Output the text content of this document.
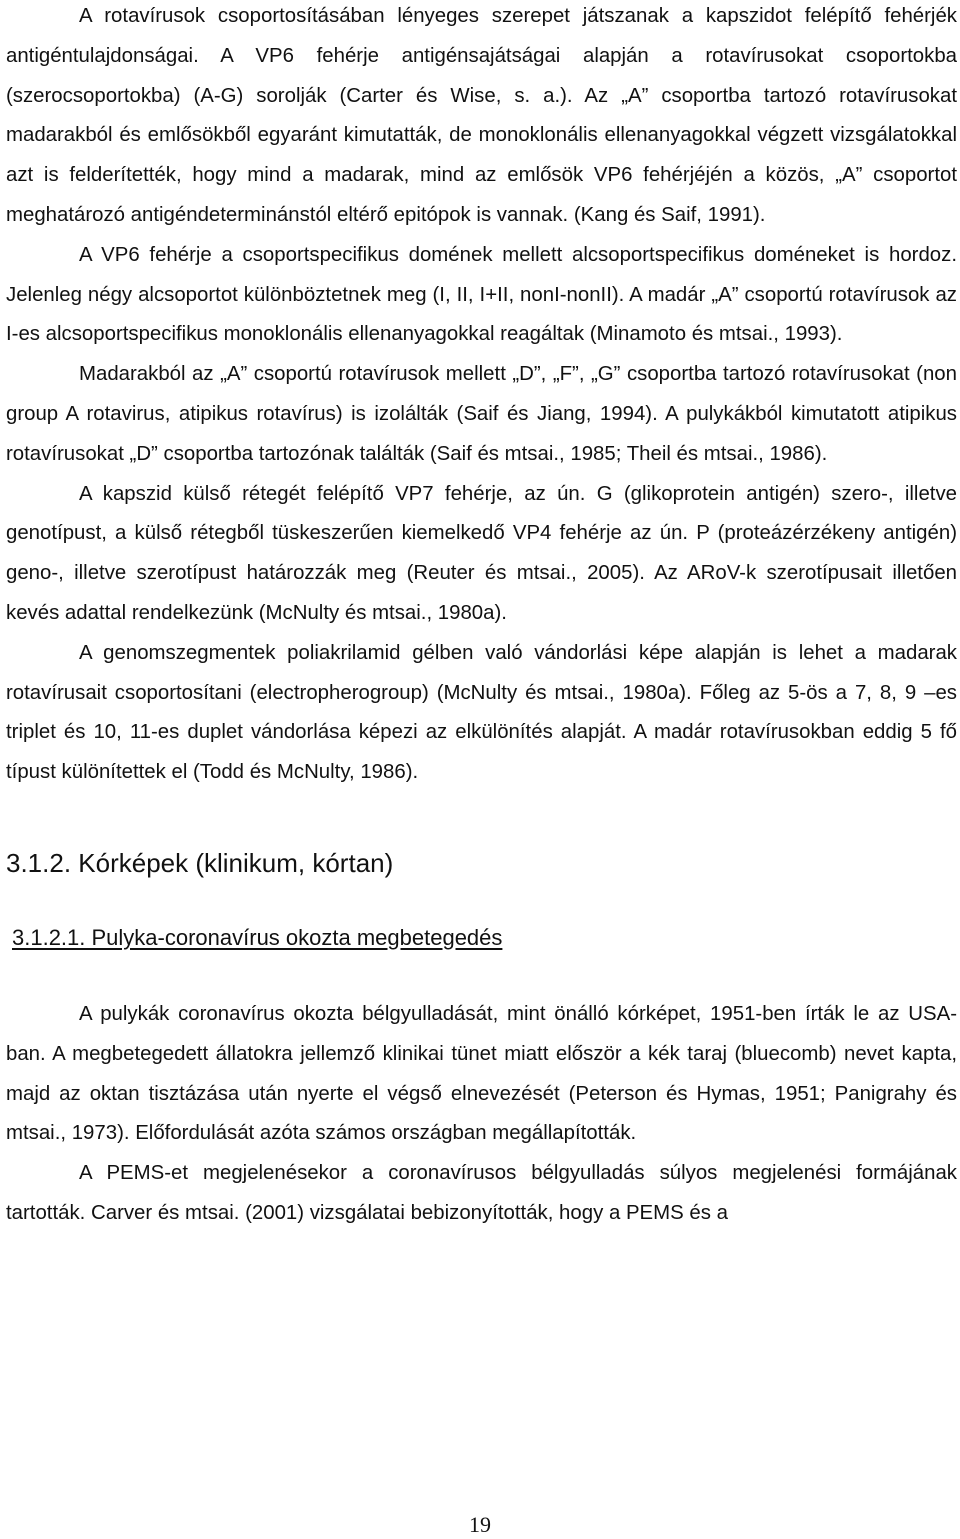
A rotavírusok csoportosításában lényeges szerepet játszanak a kapszidot felépítő fehérjék antigéntulajdonságai. A VP6 fehérje antigénsajátságai alapján a rotavírusokat csoportokba (szerocsoportokba) (A-G) sorolják (Carter és Wise, s. a.). Az „A” csoportba tartozó rotavírusokat madarakból és emlősökből egyaránt kimutatták, de monoklonális ellenanyagokkal végzett vizsgálatokkal azt is felderítették, hogy mind a madarak, mind az emlősök VP6 fehérjéjén a közös, „A” csoportot meghatározó antigéndeterminánstól eltérő epitópok is vannak. (Kang és Saif, 1991).

A VP6 fehérje a csoportspecifikus domének mellett alcsoportspecifikus doméneket is hordoz. Jelenleg négy alcsoportot különböztetnek meg (I, II, I+II, nonI-nonII). A madár „A” csoportú rotavírusok az I-es alcsoportspecifikus monoklonális ellenanyagokkal reagáltak (Minamoto és mtsai., 1993).

Madarakból az „A” csoportú rotavírusok mellett „D”, „F”, „G” csoportba tartozó rotavírusokat (non group A rotavirus, atipikus rotavírus) is izolálták (Saif és Jiang, 1994). A pulykákból kimutatott atipikus rotavírusokat „D” csoportba tartozónak találták (Saif és mtsai., 1985; Theil és mtsai., 1986).

A kapszid külső rétegét felépítő VP7 fehérje, az ún. G (glikoprotein antigén) szero-, illetve genotípust, a külső rétegből tüskeszerűen kiemelkedő VP4 fehérje az ún. P (proteázérzékeny antigén) geno-, illetve szerotípust határozzák meg (Reuter és mtsai., 2005). Az ARoV-k szerotípusait illetően kevés adattal rendelkezünk (McNulty és mtsai., 1980a).

A genomszegmentek poliakrilamid gélben való vándorlási képe alapján is lehet a madarak rotavírusait csoportosítani (electropherogroup) (McNulty és mtsai., 1980a). Főleg az 5-ös a 7, 8, 9 –es triplet és 10, 11-es duplet vándorlása képezi az elkülönítés alapját. A madár rotavírusokban eddig 5 fő típust különítettek el (Todd és McNulty, 1986).

3.1.2. Kórképek (klinikum, kórtan)
3.1.2.1. Pulyka-coronavírus okozta megbetegedés

A pulykák coronavírus okozta bélgyulladását, mint önálló kórképet, 1951-ben írták le az USA-ban. A megbetegedett állatokra jellemző klinikai tünet miatt először a kék taraj (bluecomb) nevet kapta, majd az oktan tisztázása után nyerte el végső elnevezését (Peterson és Hymas, 1951; Panigrahy és mtsai., 1973). Előfordulását azóta számos országban megállapították.

A PEMS-et megjelenésekor a coronavírusos bélgyulladás súlyos megjelenési formájának tartották. Carver és mtsai. (2001) vizsgálatai bebizonyították, hogy a PEMS és a

19
